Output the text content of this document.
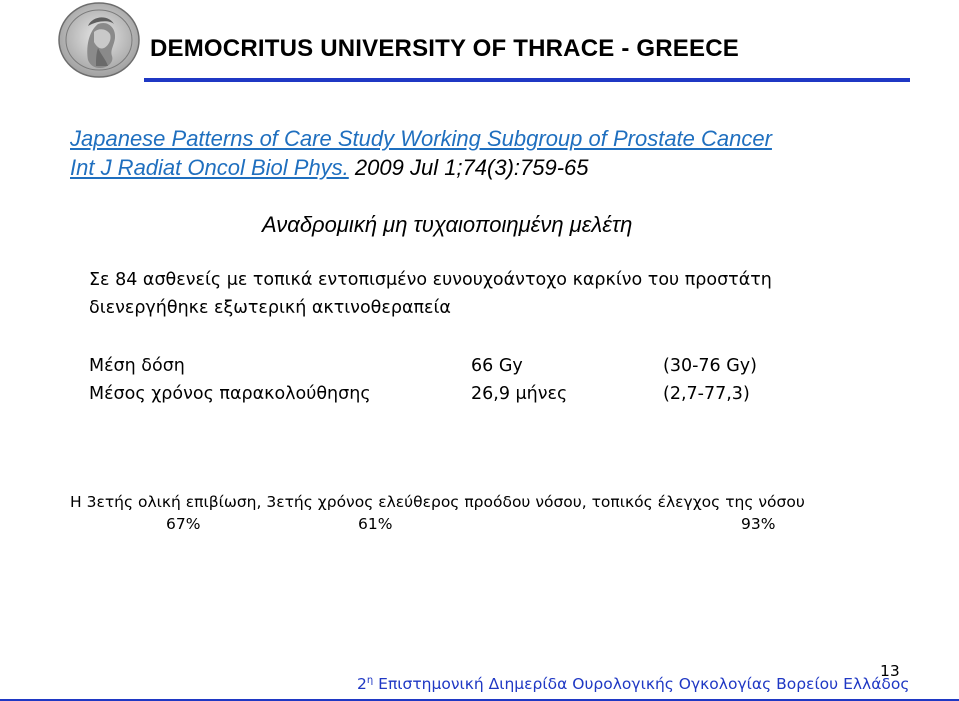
DEMOCRITUS UNIVERSITY OF THRACE - GREECE
Japanese Patterns of Care Study Working Subgroup of Prostate Cancer
Int J Radiat Oncol Biol Phys. 2009 Jul 1;74(3):759-65
Αναδρομική μη τυχαιοποιημένη μελέτη
Σε 84 ασθενείς με τοπικά εντοπισμένο ευνουχοάντοχο καρκίνο του προστάτη
διενεργήθηκε εξωτερική ακτινοθεραπεία
Μέση δόση	66 Gy	(30-76 Gy)
Μέσος χρόνος παρακολούθησης	26,9 μήνες	(2,7-77,3)
Η 3ετής ολική επιβίωση, 3ετής χρόνος ελεύθερος προόδου νόσου, τοπικός έλεγχος της νόσου
67%	61%	93%
$2^\eta$ Επιστημονική Διημερίδα Ουρολογικής Ογκολογίας Βορείου Ελλάδος
13
